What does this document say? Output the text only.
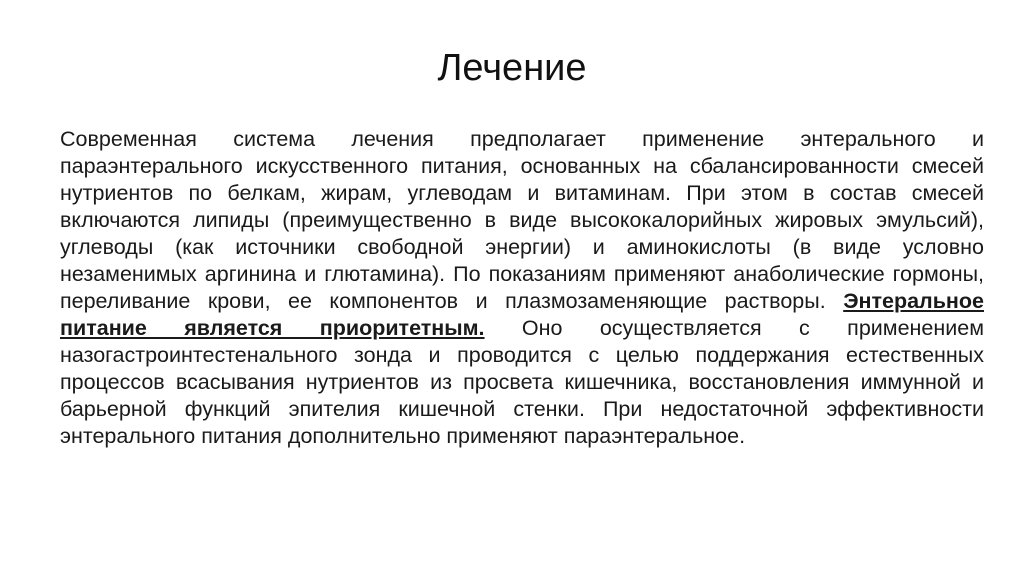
Лечение

Современная система лечения предполагает применение энтерального и параэнтерального искусственного питания, основанных на сбалансированности смесей нутриентов по белкам, жирам, углеводам и витаминам. При этом в состав смесей включаются липиды (преимущественно в виде высококалорийных жировых эмульсий), углеводы (как источники свободной энергии) и аминокислоты (в виде условно незаменимых аргинина и глютамина). По показаниям применяют анаболические гормоны, переливание крови, ее компонентов и плазмозаменяющие растворы. Энтеральное питание является приоритетным. Оно осуществляется с применением назогастроинтестенального зонда и проводится с целью поддержания естественных процессов всасывания нутриентов из просвета кишечника, восстановления иммунной и барьерной функций эпителия кишечной стенки. При недостаточной эффективности энтерального питания дополнительно применяют параэнтеральное.
